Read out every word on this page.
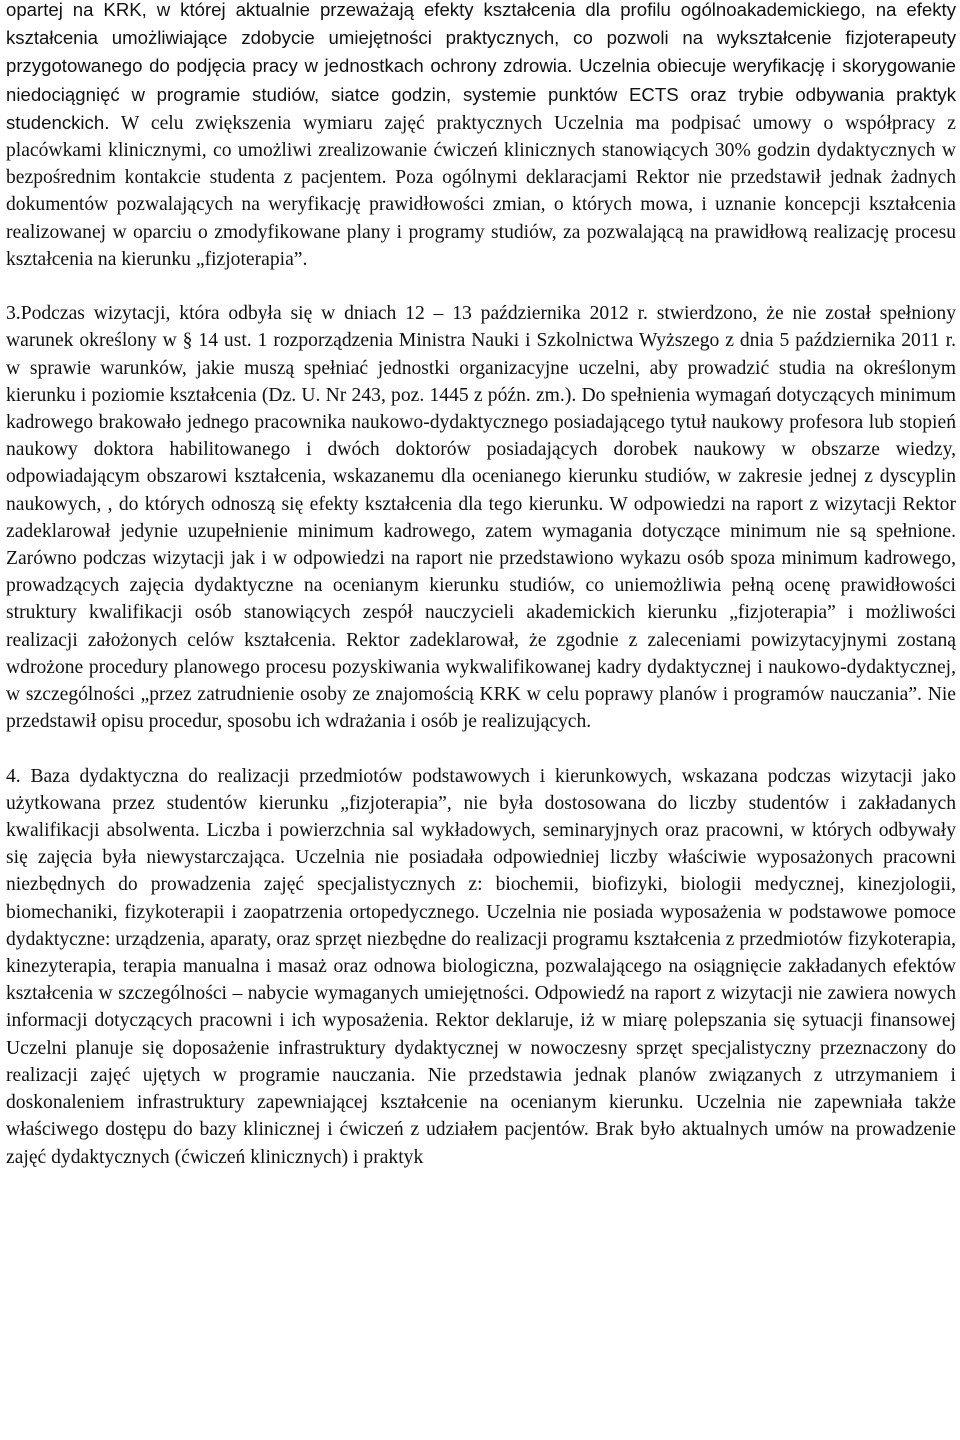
opartej na KRK, w której aktualnie przeważają efekty kształcenia dla profilu ogólnoakademickiego, na efekty kształcenia umożliwiające zdobycie umiejętności praktycznych, co pozwoli na wykształcenie fizjoterapeuty przygotowanego do podjęcia pracy w jednostkach ochrony zdrowia. Uczelnia obiecuje weryfikację i skorygowanie niedociągnięć w programie studiów, siatce godzin, systemie punktów ECTS oraz trybie odbywania praktyk studenckich. W celu zwiększenia wymiaru zajęć praktycznych Uczelnia ma podpisać umowy o współpracy z placówkami klinicznymi, co umożliwi zrealizowanie ćwiczeń klinicznych stanowiących 30% godzin dydaktycznych w bezpośrednim kontakcie studenta z pacjentem. Poza ogólnymi deklaracjami Rektor nie przedstawił jednak żadnych dokumentów pozwalających na weryfikację prawidłowości zmian, o których mowa, i uznanie koncepcji kształcenia realizowanej w oparciu o zmodyfikowane plany i programy studiów, za pozwalającą na prawidłową realizację procesu kształcenia na kierunku „fizjoterapia”.

3.Podczas wizytacji, która odbyła się w dniach 12 – 13 października 2012 r. stwierdzono, że nie został spełniony warunek określony w § 14 ust. 1 rozporządzenia Ministra Nauki i Szkolnictwa Wyższego z dnia 5 października 2011 r. w sprawie warunków, jakie muszą spełniać jednostki organizacyjne uczelni, aby prowadzić studia na określonym kierunku i poziomie kształcenia (Dz. U. Nr 243, poz. 1445 z późn. zm.). Do spełnienia wymagań dotyczących minimum kadrowego brakowało jednego pracownika naukowo-dydaktycznego posiadającego tytuł naukowy profesora lub stopień naukowy doktora habilitowanego i dwóch doktorów posiadających dorobek naukowy w obszarze wiedzy, odpowiadającym obszarowi kształcenia, wskazanemu dla ocenianego kierunku studiów, w zakresie jednej z dyscyplin naukowych, , do których odnoszą się efekty kształcenia dla tego kierunku. W odpowiedzi na raport z wizytacji Rektor zadeklarował jedynie uzupełnienie minimum kadrowego, zatem wymagania dotyczące minimum nie są spełnione. Zarówno podczas wizytacji jak i w odpowiedzi na raport nie przedstawiono wykazu osób spoza minimum kadrowego, prowadzących zajęcia dydaktyczne na ocenianym kierunku studiów, co uniemożliwia pełną ocenę prawidłowości struktury kwalifikacji osób stanowiących zespół nauczycieli akademickich kierunku „fizjoterapia” i możliwości realizacji założonych celów kształcenia. Rektor zadeklarował, że zgodnie z zaleceniami powizytacyjnymi zostaną wdrożone procedury planowego procesu pozyskiwania wykwalifikowanej kadry dydaktycznej i naukowo-dydaktycznej, w szczególności „przez zatrudnienie osoby ze znajomością KRK w celu poprawy planów i programów nauczania”. Nie przedstawił opisu procedur, sposobu ich wdrażania i osób je realizujących.

4. Baza dydaktyczna do realizacji przedmiotów podstawowych i kierunkowych, wskazana podczas wizytacji jako użytkowana przez studentów kierunku „fizjoterapia”, nie była dostosowana do liczby studentów i zakładanych kwalifikacji absolwenta. Liczba i powierzchnia sal wykładowych, seminaryjnych oraz pracowni, w których odbywały się zajęcia była niewystarczająca. Uczelnia nie posiadała odpowiedniej liczby właściwie wyposażonych pracowni niezbędnych do prowadzenia zajęć specjalistycznych z: biochemii, biofizyki, biologii medycznej, kinezjologii, biomechaniki, fizykoterapii i zaopatrzenia ortopedycznego. Uczelnia nie posiada wyposażenia w podstawowe pomoce dydaktyczne: urządzenia, aparaty, oraz sprzęt niezbędne do realizacji programu kształcenia z przedmiotów fizykoterapia, kinezyterapia, terapia manualna i masaż oraz odnowa biologiczna, pozwalającego na osiągnięcie zakładanych efektów kształcenia w szczególności – nabycie wymaganych umiejętności. Odpowiedź na raport z wizytacji nie zawiera nowych informacji dotyczących pracowni i ich wyposażenia. Rektor deklaruje, iż w miarę polepszania się sytuacji finansowej Uczelni planuje się doposażenie infrastruktury dydaktycznej w nowoczesny sprzęt specjalistyczny przeznaczony do realizacji zajęć ujętych w programie nauczania. Nie przedstawia jednak planów związanych z utrzymaniem i doskonaleniem infrastruktury zapewniającej kształcenie na ocenianym kierunku. Uczelnia nie zapewniała także właściwego dostępu do bazy klinicznej i ćwiczeń z udziałem pacjentów. Brak było aktualnych umów na prowadzenie zajęć dydaktycznych (ćwiczeń klinicznych) i praktyk
